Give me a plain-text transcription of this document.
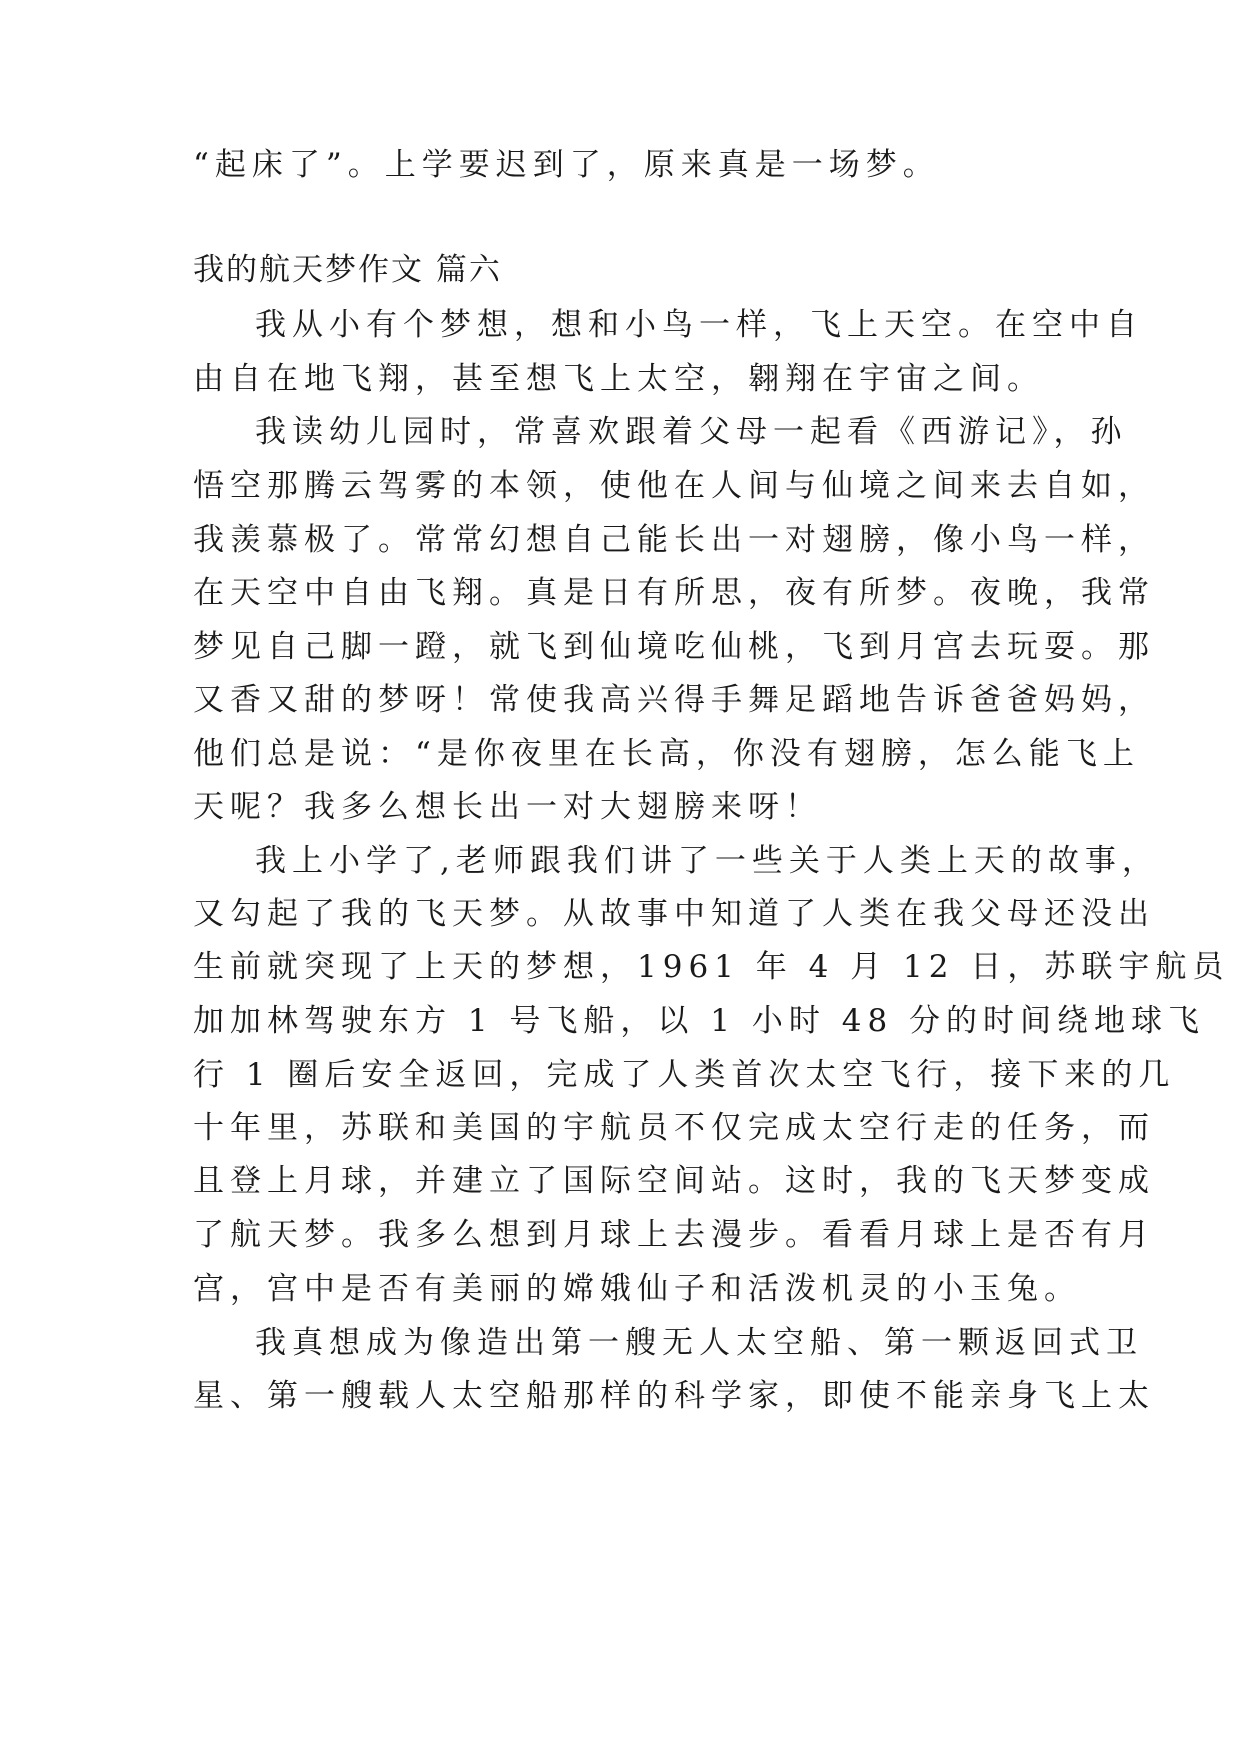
“起床了”。上学要迟到了，原来真是一场梦。
我的航天梦作文 篇六
我从小有个梦想，想和小鸟一样，飞上天空。在空中自
由自在地飞翔，甚至想飞上太空，翱翔在宇宙之间。
我读幼儿园时，常喜欢跟着父母一起看《西游记》，孙
悟空那腾云驾雾的本领，使他在人间与仙境之间来去自如，
我羡慕极了。常常幻想自己能长出一对翅膀，像小鸟一样，
在天空中自由飞翔。真是日有所思，夜有所梦。夜晚，我常
梦见自己脚一蹬，就飞到仙境吃仙桃，飞到月宫去玩耍。那
又香又甜的梦呀！常使我高兴得手舞足蹈地告诉爸爸妈妈，
他们总是说：“是你夜里在长高，你没有翅膀，怎么能飞上
天呢？我多么想长出一对大翅膀来呀！
我上小学了,老师跟我们讲了一些关于人类上天的故事，
又勾起了我的飞天梦。从故事中知道了人类在我父母还没出
生前就突现了上天的梦想，1961 年 4 月 12 日，苏联宇航员
加加林驾驶东方 1 号飞船，以 1 小时 48 分的时间绕地球飞
行 1 圈后安全返回，完成了人类首次太空飞行，接下来的几
十年里，苏联和美国的宇航员不仅完成太空行走的任务，而
且登上月球，并建立了国际空间站。这时，我的飞天梦变成
了航天梦。我多么想到月球上去漫步。看看月球上是否有月
宫，宫中是否有美丽的嫦娥仙子和活泼机灵的小玉兔。
我真想成为像造出第一艘无人太空船、第一颗返回式卫
星、第一艘载人太空船那样的科学家，即使不能亲身飞上太
